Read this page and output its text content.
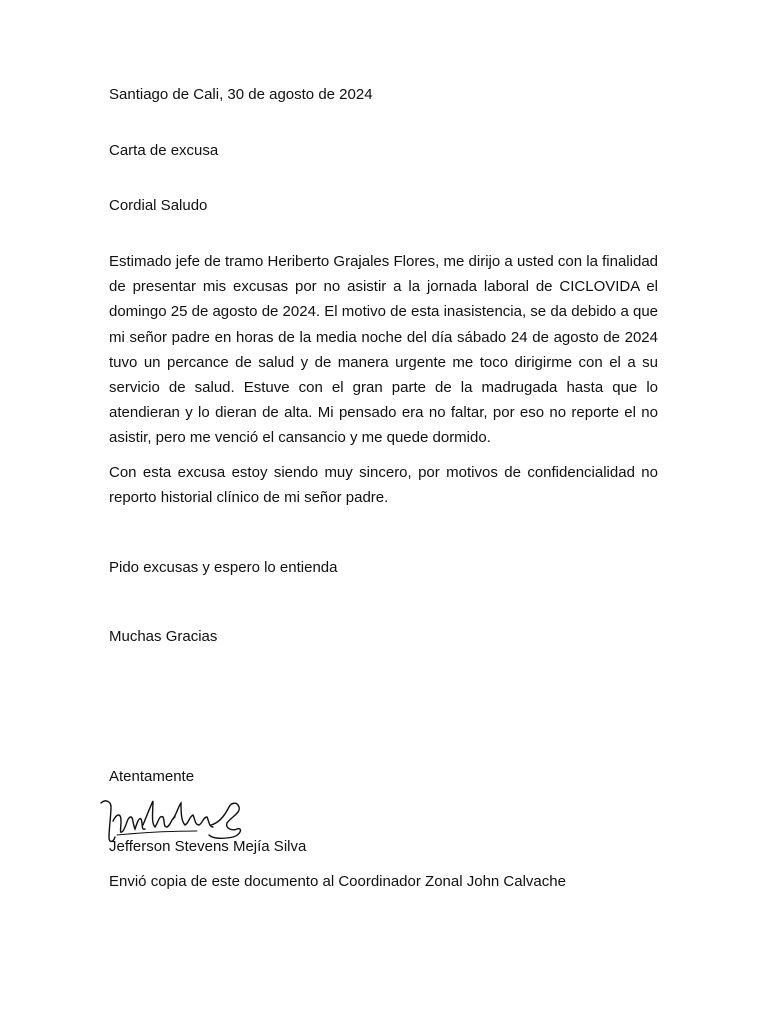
Santiago de Cali, 30 de agosto de 2024
Carta de excusa
Cordial Saludo
Estimado jefe de tramo Heriberto Grajales Flores, me dirijo a usted con la finalidad de presentar mis excusas por no asistir a la jornada laboral de CICLOVIDA el domingo 25 de agosto de 2024. El motivo de esta inasistencia, se da debido a que mi señor padre en horas de la media noche del día sábado 24 de agosto de 2024 tuvo un percance de salud y de manera urgente me toco dirigirme con el a su servicio de salud. Estuve con el gran parte de la madrugada hasta que lo atendieran y lo dieran de alta. Mi pensado era no faltar, por eso no reporte el no asistir, pero me venció el cansancio y me quede dormido.
Con esta excusa estoy siendo muy sincero, por motivos de confidencialidad no reporto historial clínico de mi señor padre.
Pido excusas y espero lo entienda
Muchas Gracias
Atentamente
Jefferson Stevens Mejía Silva
Envió copia de este documento al Coordinador Zonal John Calvache
